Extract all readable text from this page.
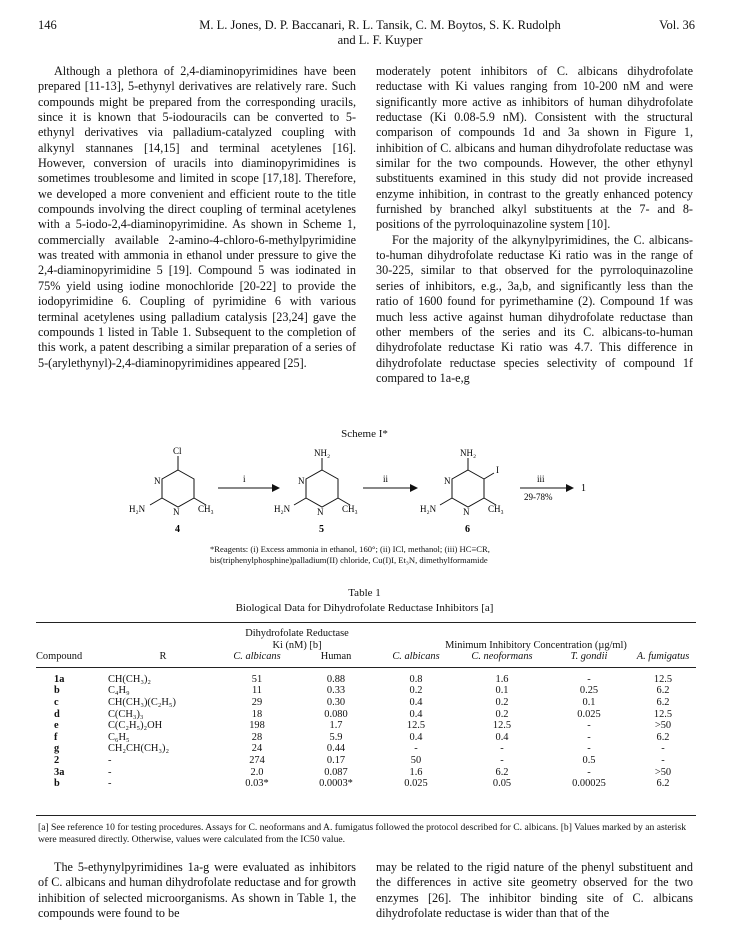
146	M. L. Jones, D. P. Baccanari, R. L. Tansik, C. M. Boytos, S. K. Rudolph
and L. F. Kuyper
Vol. 36

Although a plethora of 2,4-diaminopyrimidines have been prepared [11-13], 5-ethynyl derivatives are relatively rare. Such compounds might be prepared from the corresponding uracils, since it is known that 5-iodouracils can be converted to 5-ethynyl derivatives via palladium-catalyzed coupling with alkynyl stannanes [14,15] and terminal acetylenes [16]. However, conversion of uracils into diaminopyrimidines is sometimes troublesome and limited in scope [17,18]. Therefore, we developed a more convenient and efficient route to the title compounds involving the direct coupling of terminal acetylenes with a 5-iodo-2,4-diaminopyrimidine. As shown in Scheme 1, commercially available 2-amino-4-chloro-6-methylpyrimidine was treated with ammonia in ethanol under pressure to give the 2,4-diaminopyrimidine 5 [19]. Compound 5 was iodinated in 75% yield using iodine monochloride [20-22] to provide the iodopyrimidine 6. Coupling of pyrimidine 6 with various terminal acetylenes using palladium catalysis [23,24] gave the compounds 1 listed in Table 1. Subsequent to the completion of this work, a patent describing a similar preparation of a series of 5-(arylethynyl)-2,4-diaminopyrimidines appeared [25].

moderately potent inhibitors of C. albicans dihydrofolate reductase with Ki values ranging from 10-200 nM and were significantly more active as inhibitors of human dihydrofolate reductase (Ki 0.08-5.9 nM). Consistent with the structural comparison of compounds 1d and 3a shown in Figure 1, inhibition of C. albicans and human dihydrofolate reductase was similar for the two compounds. However, the other ethynyl substituents examined in this study did not provide increased enzyme inhibition, in contrast to the greatly enhanced potency furnished by branched alkyl substituents at the 7- and 8-positions of the pyrroloquinazoline system [10].

For the majority of the alkynylpyrimidines, the C. albicans-to-human dihydrofolate reductase Ki ratio was in the range of 30-225, similar to that observed for the pyrroloquinazoline series of inhibitors, e.g., 3a,b, and significantly less than the ratio of 1600 found for pyrimethamine (2). Compound 1f was much less active against human dihydrofolate reductase than other members of the series and its C. albicans-to-human dihydrofolate reductase Ki ratio was 4.7. This difference in dihydrofolate reductase species selectivity of compound 1f compared to 1a-e,g

Scheme I*
Cl
N
N
H₂N	CH₃
NH₂
N
N
H₂N	CH₃
NH₂
I
N
N
H₂N	CH₃
i	ii	iii
29-78%
1
4	5	6
*Reagents: (i) Excess ammonia in ethanol, 160°; (ii) ICl, methanol; (iii) HC≡CR, bis(triphenylphosphine)palladium(II) chloride, Cu(I)I, Et₃N, dimethylformamide
Table 1
Biological Data for Dihydrofolate Reductase Inhibitors [a]
		Dihydrofolate Reductase					
		Ki (nM) [b]		Minimum Inhibitory Concentration (µg/ml)			
Compound	R	C. albicans	Human	C. albicans	C. neoformans	T. gondii	A. fumigatus
1a	CH(CH₃)₂	51	0.88	0.8	1.6	-	12.5
b	C₄H₉	11	0.33	0.2	0.1	0.25	6.2
c	CH(CH₃)(C₂H₅)	29	0.30	0.4	0.2	0.1	6.2
d	C(CH₃)₃	18	0.080	0.4	0.2	0.025	12.5
e	C(C₂H₅)₂OH	198	1.7	12.5	12.5	-	>50
f	C₆H₅	28	5.9	0.4	0.4	-	6.2
g	CH₂CH(CH₃)₂	24	0.44	-	-	-	-
2	-	274	0.17	50	-	0.5	-
3a	-	2.0	0.087	1.6	6.2	-	>50
b	-	0.03*	0.0003*	0.025	0.05	0.00025	6.2
[a] See reference 10 for testing procedures. Assays for C. neoformans and A. fumigatus followed the protocol described for C. albicans. [b] Values marked by an asterisk were measured directly. Otherwise, values were calculated from the IC50 value.

The 5-ethynylpyrimidines 1a-g were evaluated as inhibitors of C. albicans and human dihydrofolate reductase and for growth inhibition of selected microorganisms. As shown in Table 1, the compounds were found to be

may be related to the rigid nature of the phenyl substituent and the differences in active site geometry observed for the two enzymes [26]. The inhibitor binding site of C. albicans dihydrofolate reductase is wider than that of the
